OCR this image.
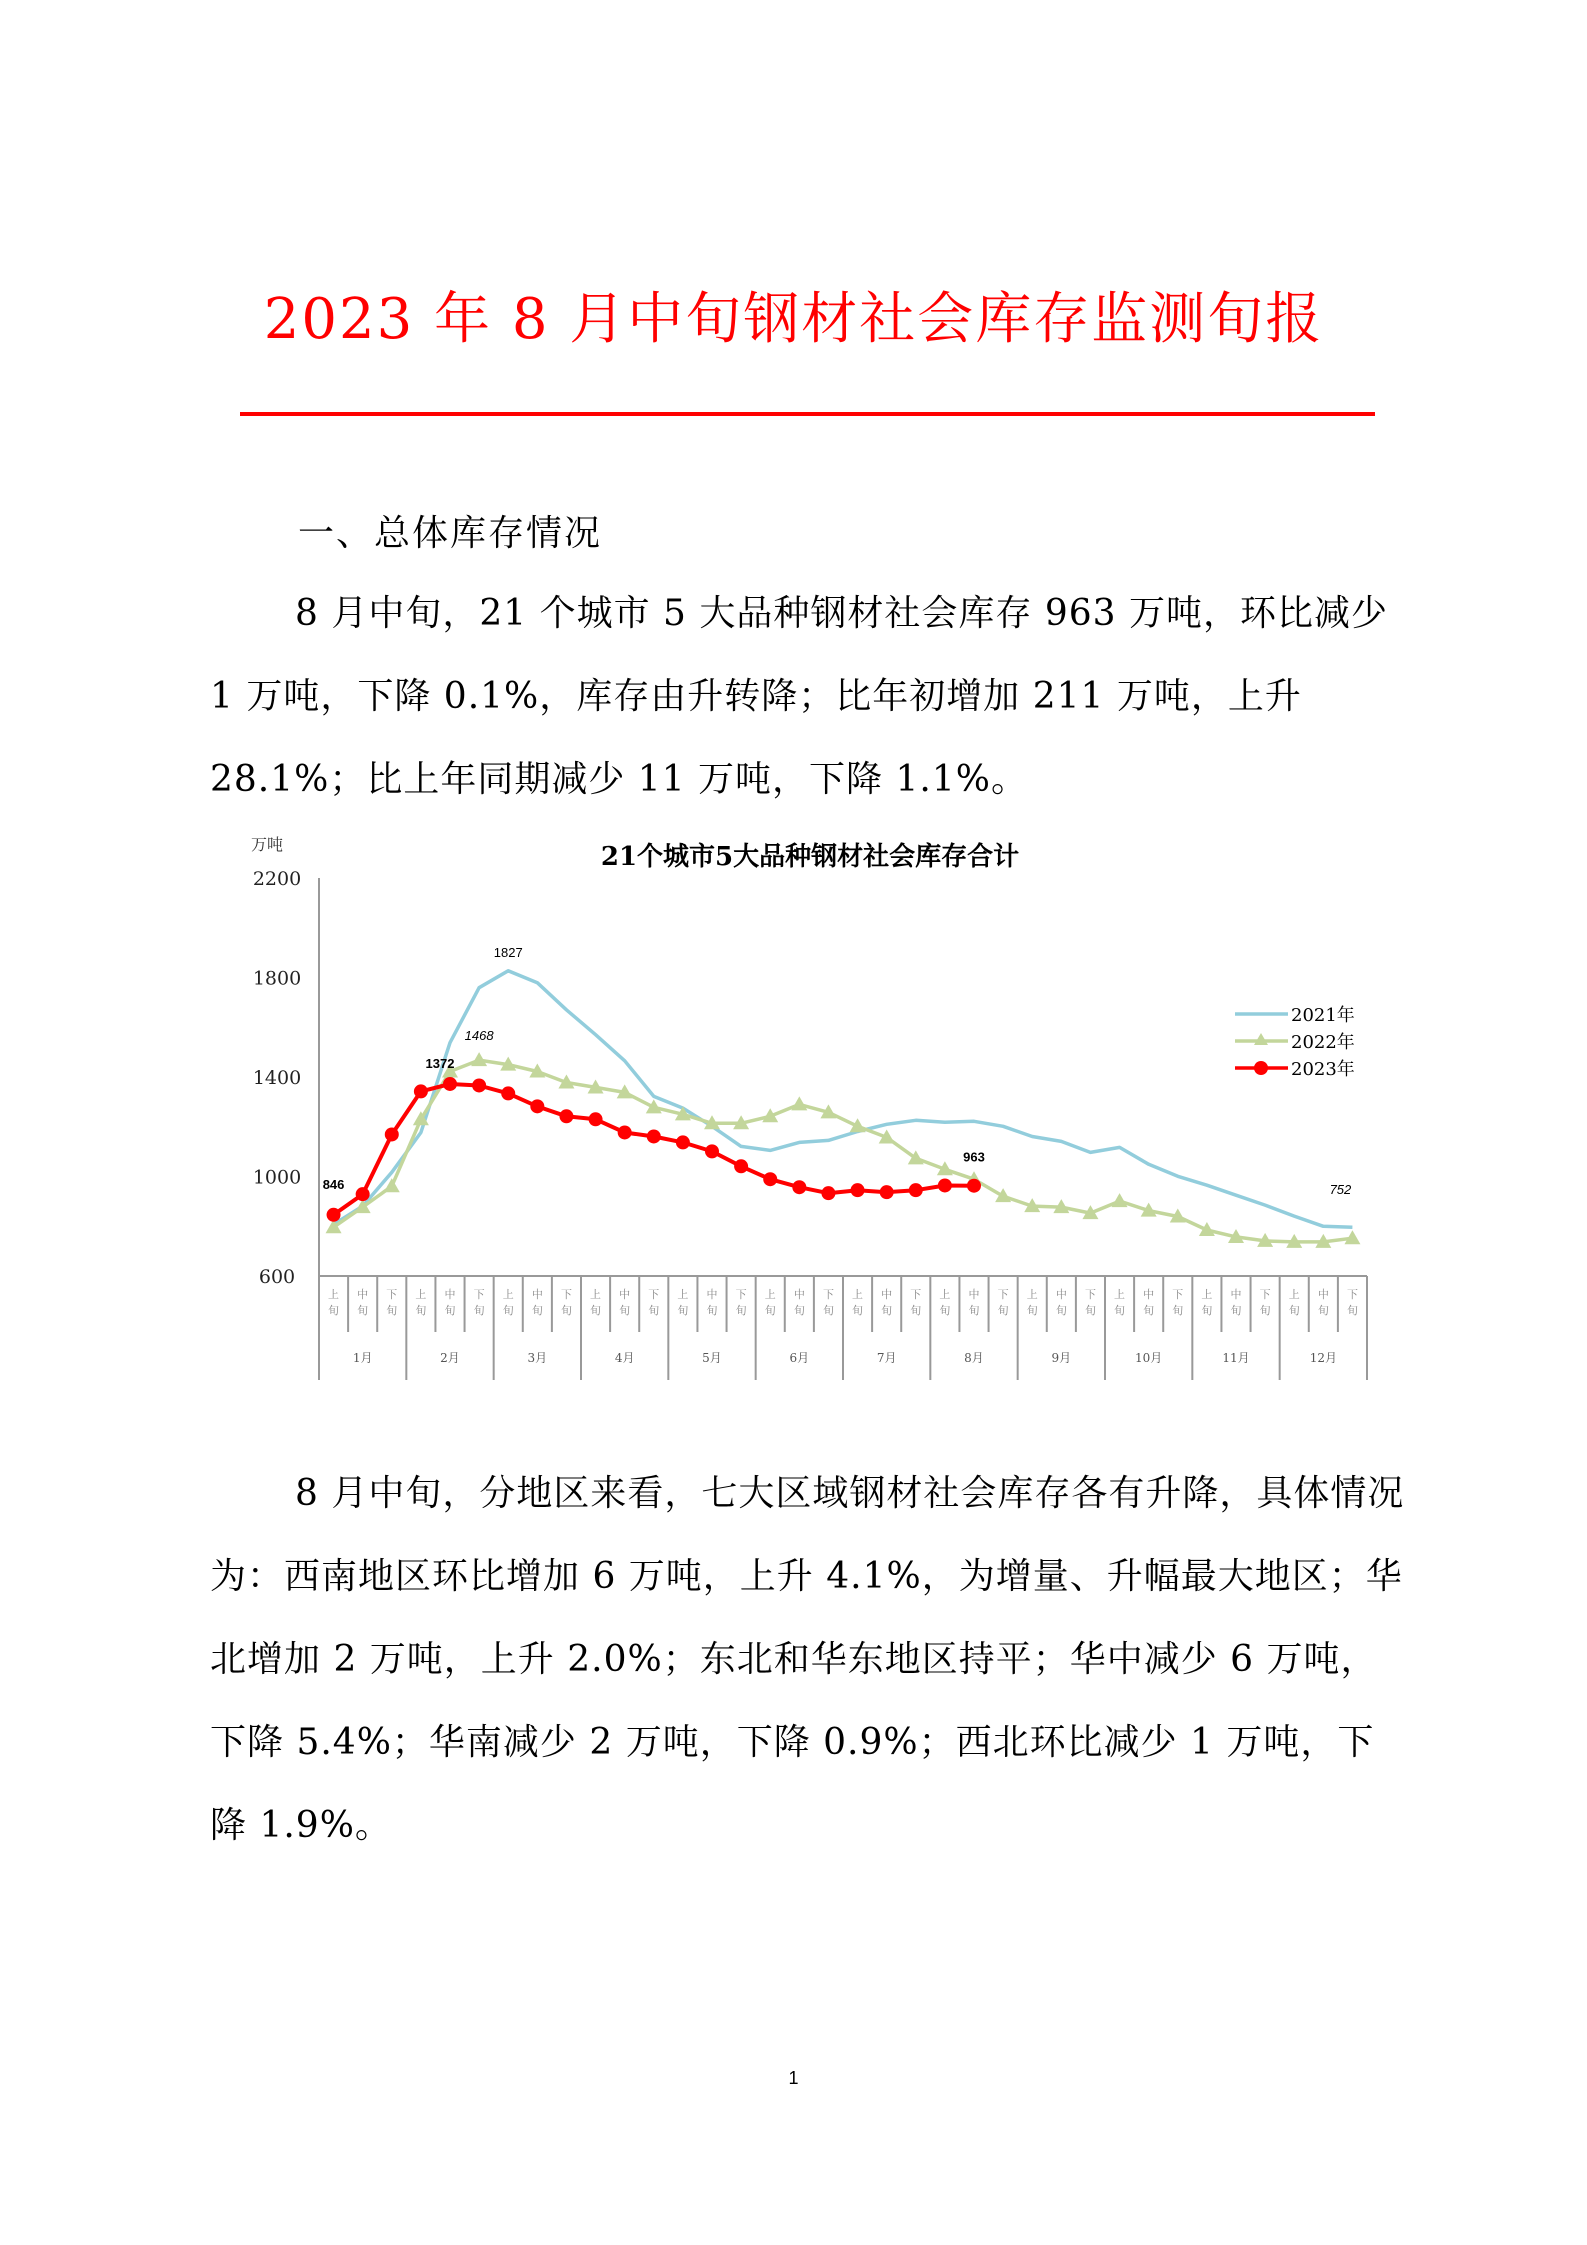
2023 年 8 月中旬钢材社会库存监测旬报
一、总体库存情况
8 月中旬，21 个城市 5 大品种钢材社会库存 963 万吨，环比减少 1 万吨，下降 0.1%，库存由升转降；比年初增加 211 万吨，上升 28.1%；比上年同期减少 11 万吨，下降 1.1%。
21个城市5大品种钢材社会库存合计
万吨
600
1000
1400
1800
2200
上
旬
中
旬
下
旬
上
旬
中
旬
下
旬
上
旬
中
旬
下
旬
上
旬
中
旬
下
旬
上
旬
中
旬
下
旬
上
旬
中
旬
下
旬
上
旬
中
旬
下
旬
上
旬
中
旬
下
旬
上
旬
中
旬
下
旬
上
旬
中
旬
下
旬
上
旬
中
旬
下
旬
上
旬
中
旬
下
旬
1月	2月	3月	4月	5月	6月	7月	8月	9月	10月	11月	12月
846
1372
963
1827
1468
752
2021年
2022年
2023年
8 月中旬，分地区来看，七大区域钢材社会库存各有升降，具体情况为：西南地区环比增加 6 万吨，上升 4.1%，为增量、升幅最大地区；华北增加 2 万吨，上升 2.0%；东北和华东地区持平；华中减少 6 万吨，下降 5.4%；华南减少 2 万吨，下降 0.9%；西北环比减少 1 万吨，下降 1.9%。
1
